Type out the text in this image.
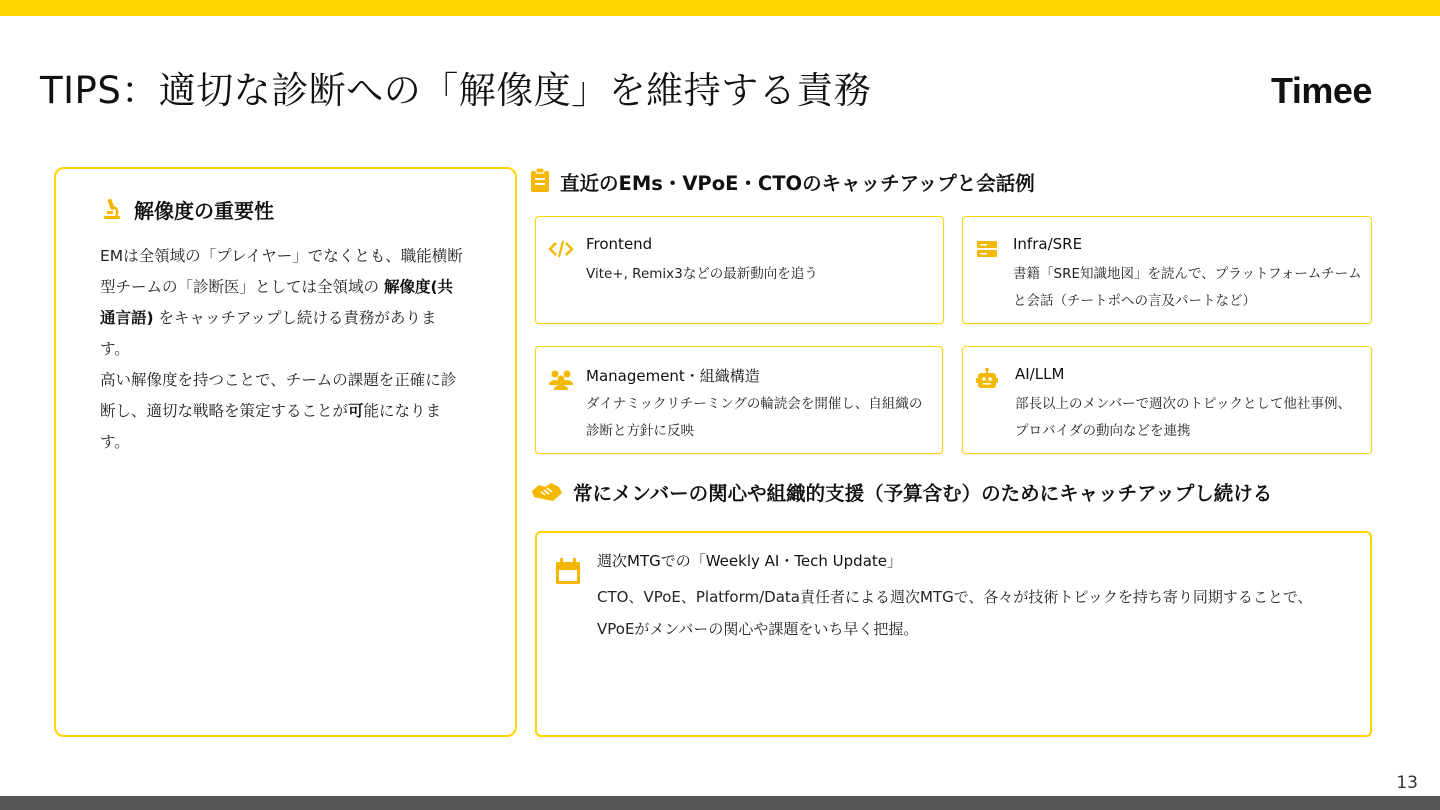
TIPS：適切な診断への「解像度」を維持する責務	Timee
解像度の重要性

EMは全領域の「プレイヤー」でなくとも、職能横断型チームの「診断医」としては全領域の 解像度(共通言語) をキャッチアップし続ける責務があります。

高い解像度を持つことで、チームの課題を正確に診断し、適切な戦略を策定することが可能になります。

直近のEMs・VPoE・CTOのキャッチアップと会話例
Frontend
Vite+, Remix3などの最新動向を追う
Infra/SRE
書籍「SRE知識地図」を読んで、プラットフォームチームと会話（チートポへの言及パートなど）
Management・組織構造
ダイナミックリチーミングの輪読会を開催し、自組織の診断と方針に反映
AI/LLM
部長以上のメンバーで週次のトピックとして他社事例、プロバイダの動向などを連携
常にメンバーの関心や組織的支援（予算含む）のためにキャッチアップし続ける
週次MTGでの「Weekly AI・Tech Update」
CTO、VPoE、Platform/Data責任者による週次MTGで、各々が技術トピックを持ち寄り同期することで、VPoEがメンバーの関心や課題をいち早く把握。
13
